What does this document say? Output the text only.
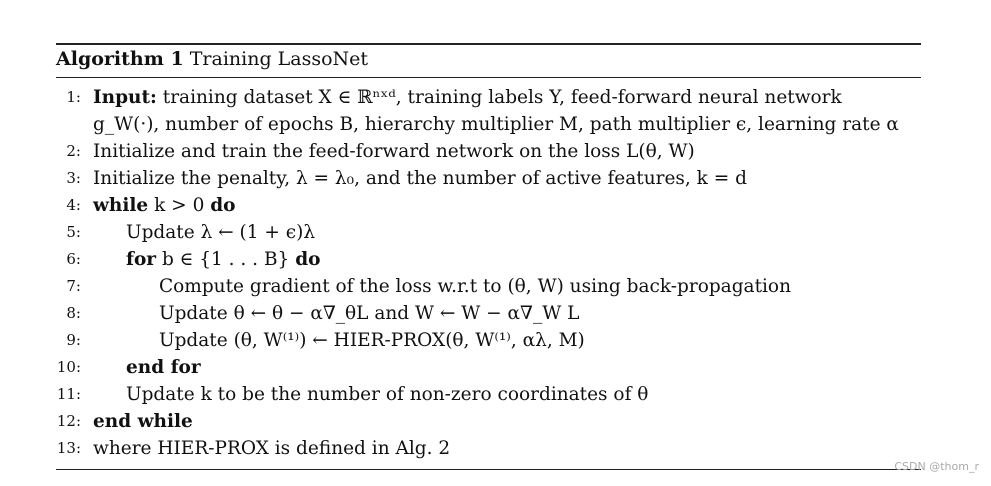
Algorithm 1 Training LassoNet
1: Input: training dataset X ∈ ℝⁿˣᵈ, training labels Y, feed-forward neural network
g_W(·), number of epochs B, hierarchy multiplier M, path multiplier ϵ, learning rate α
2: Initialize and train the feed-forward network on the loss L(θ, W)
3: Initialize the penalty, λ = λ₀, and the number of active features, k = d
4: while k > 0 do
5: Update λ ← (1 + ϵ)λ
6: for b ∈ {1 . . . B} do
7:	Compute gradient of the loss w.r.t to (θ, W) using back-propagation
8:	Update θ ← θ − α∇_θL and W ← W − α∇_W L
9:	Update (θ, W⁽¹⁾) ← HIER-PROX(θ, W⁽¹⁾, αλ, M)
10: end for
11: Update k to be the number of non-zero coordinates of θ
12: end while
13: where HIER-PROX is defined in Alg. 2
CSDN @thom_r
